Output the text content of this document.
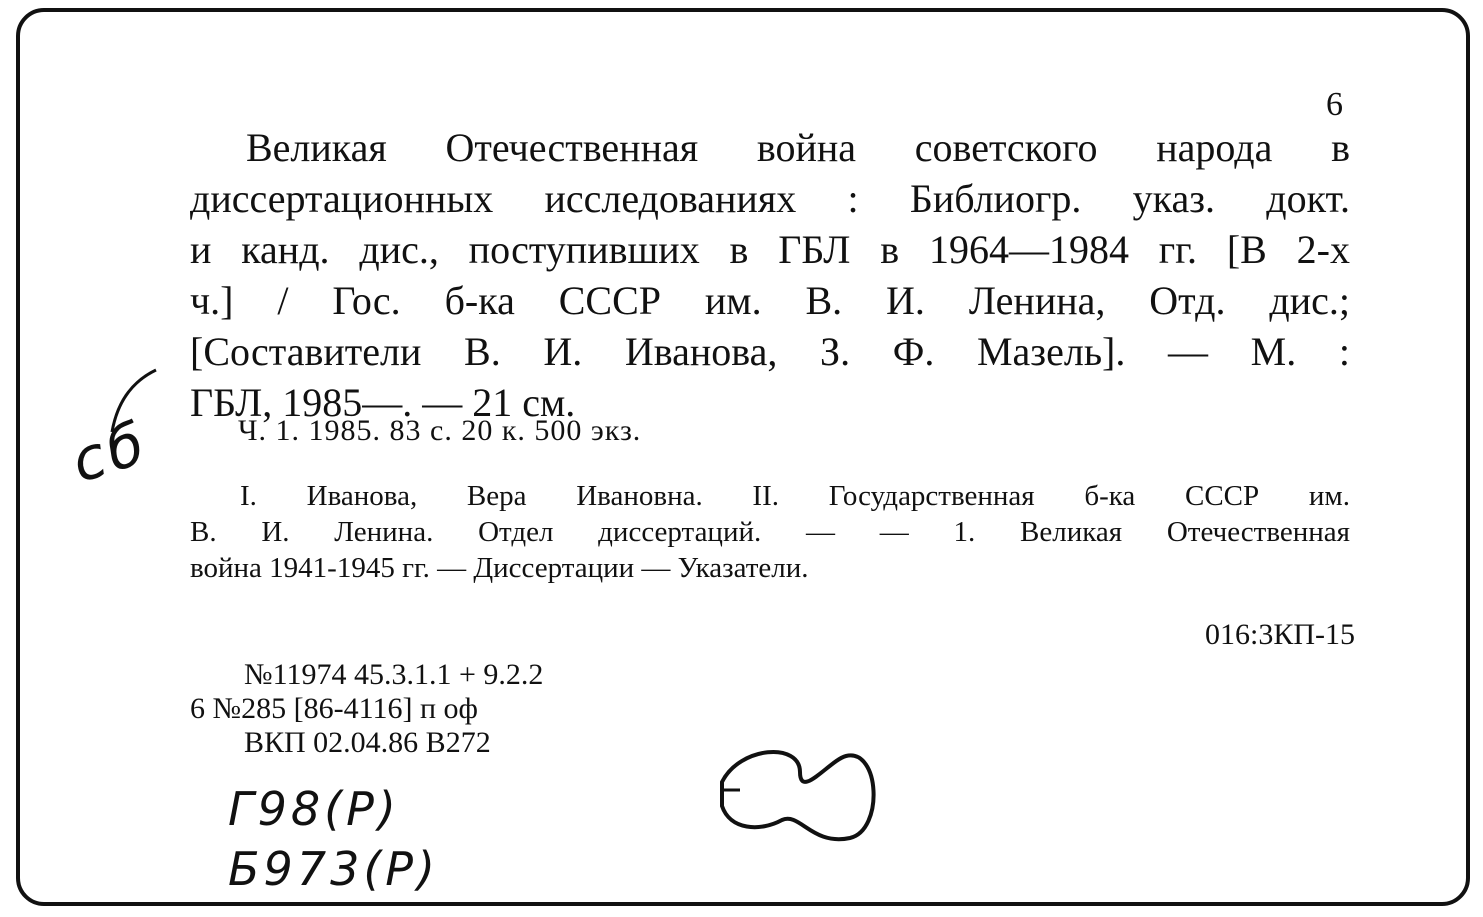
6
Великая Отечественная война советского народа в
диссертационных исследованиях : Библиогр. указ. докт.
и канд. дис., поступивших в ГБЛ в 1964—1984 гг. [В 2-х
ч.] / Гос. б-ка СССР им. В. И. Ленина, Отд. дис.;
[Составители В. И. Иванова, З. Ф. Мазель]. — М. :
ГБЛ, 1985—. — 21 см.
Ч. 1. 1985. 83 с. 20 к. 500 экз.
I. Иванова, Вера Ивановна. II. Государственная б-ка СССР им.
В. И. Ленина. Отдел диссертаций. — — 1. Великая Отечественная
война 1941-1945 гг. — Диссертации — Указатели.
016:3КП-15
№11974 45.3.1.1 + 9.2.2
6 №285 [86-4116] п оф
ВКП 02.04.86 В272
сб
Г98(Р)
Б973(Р)
